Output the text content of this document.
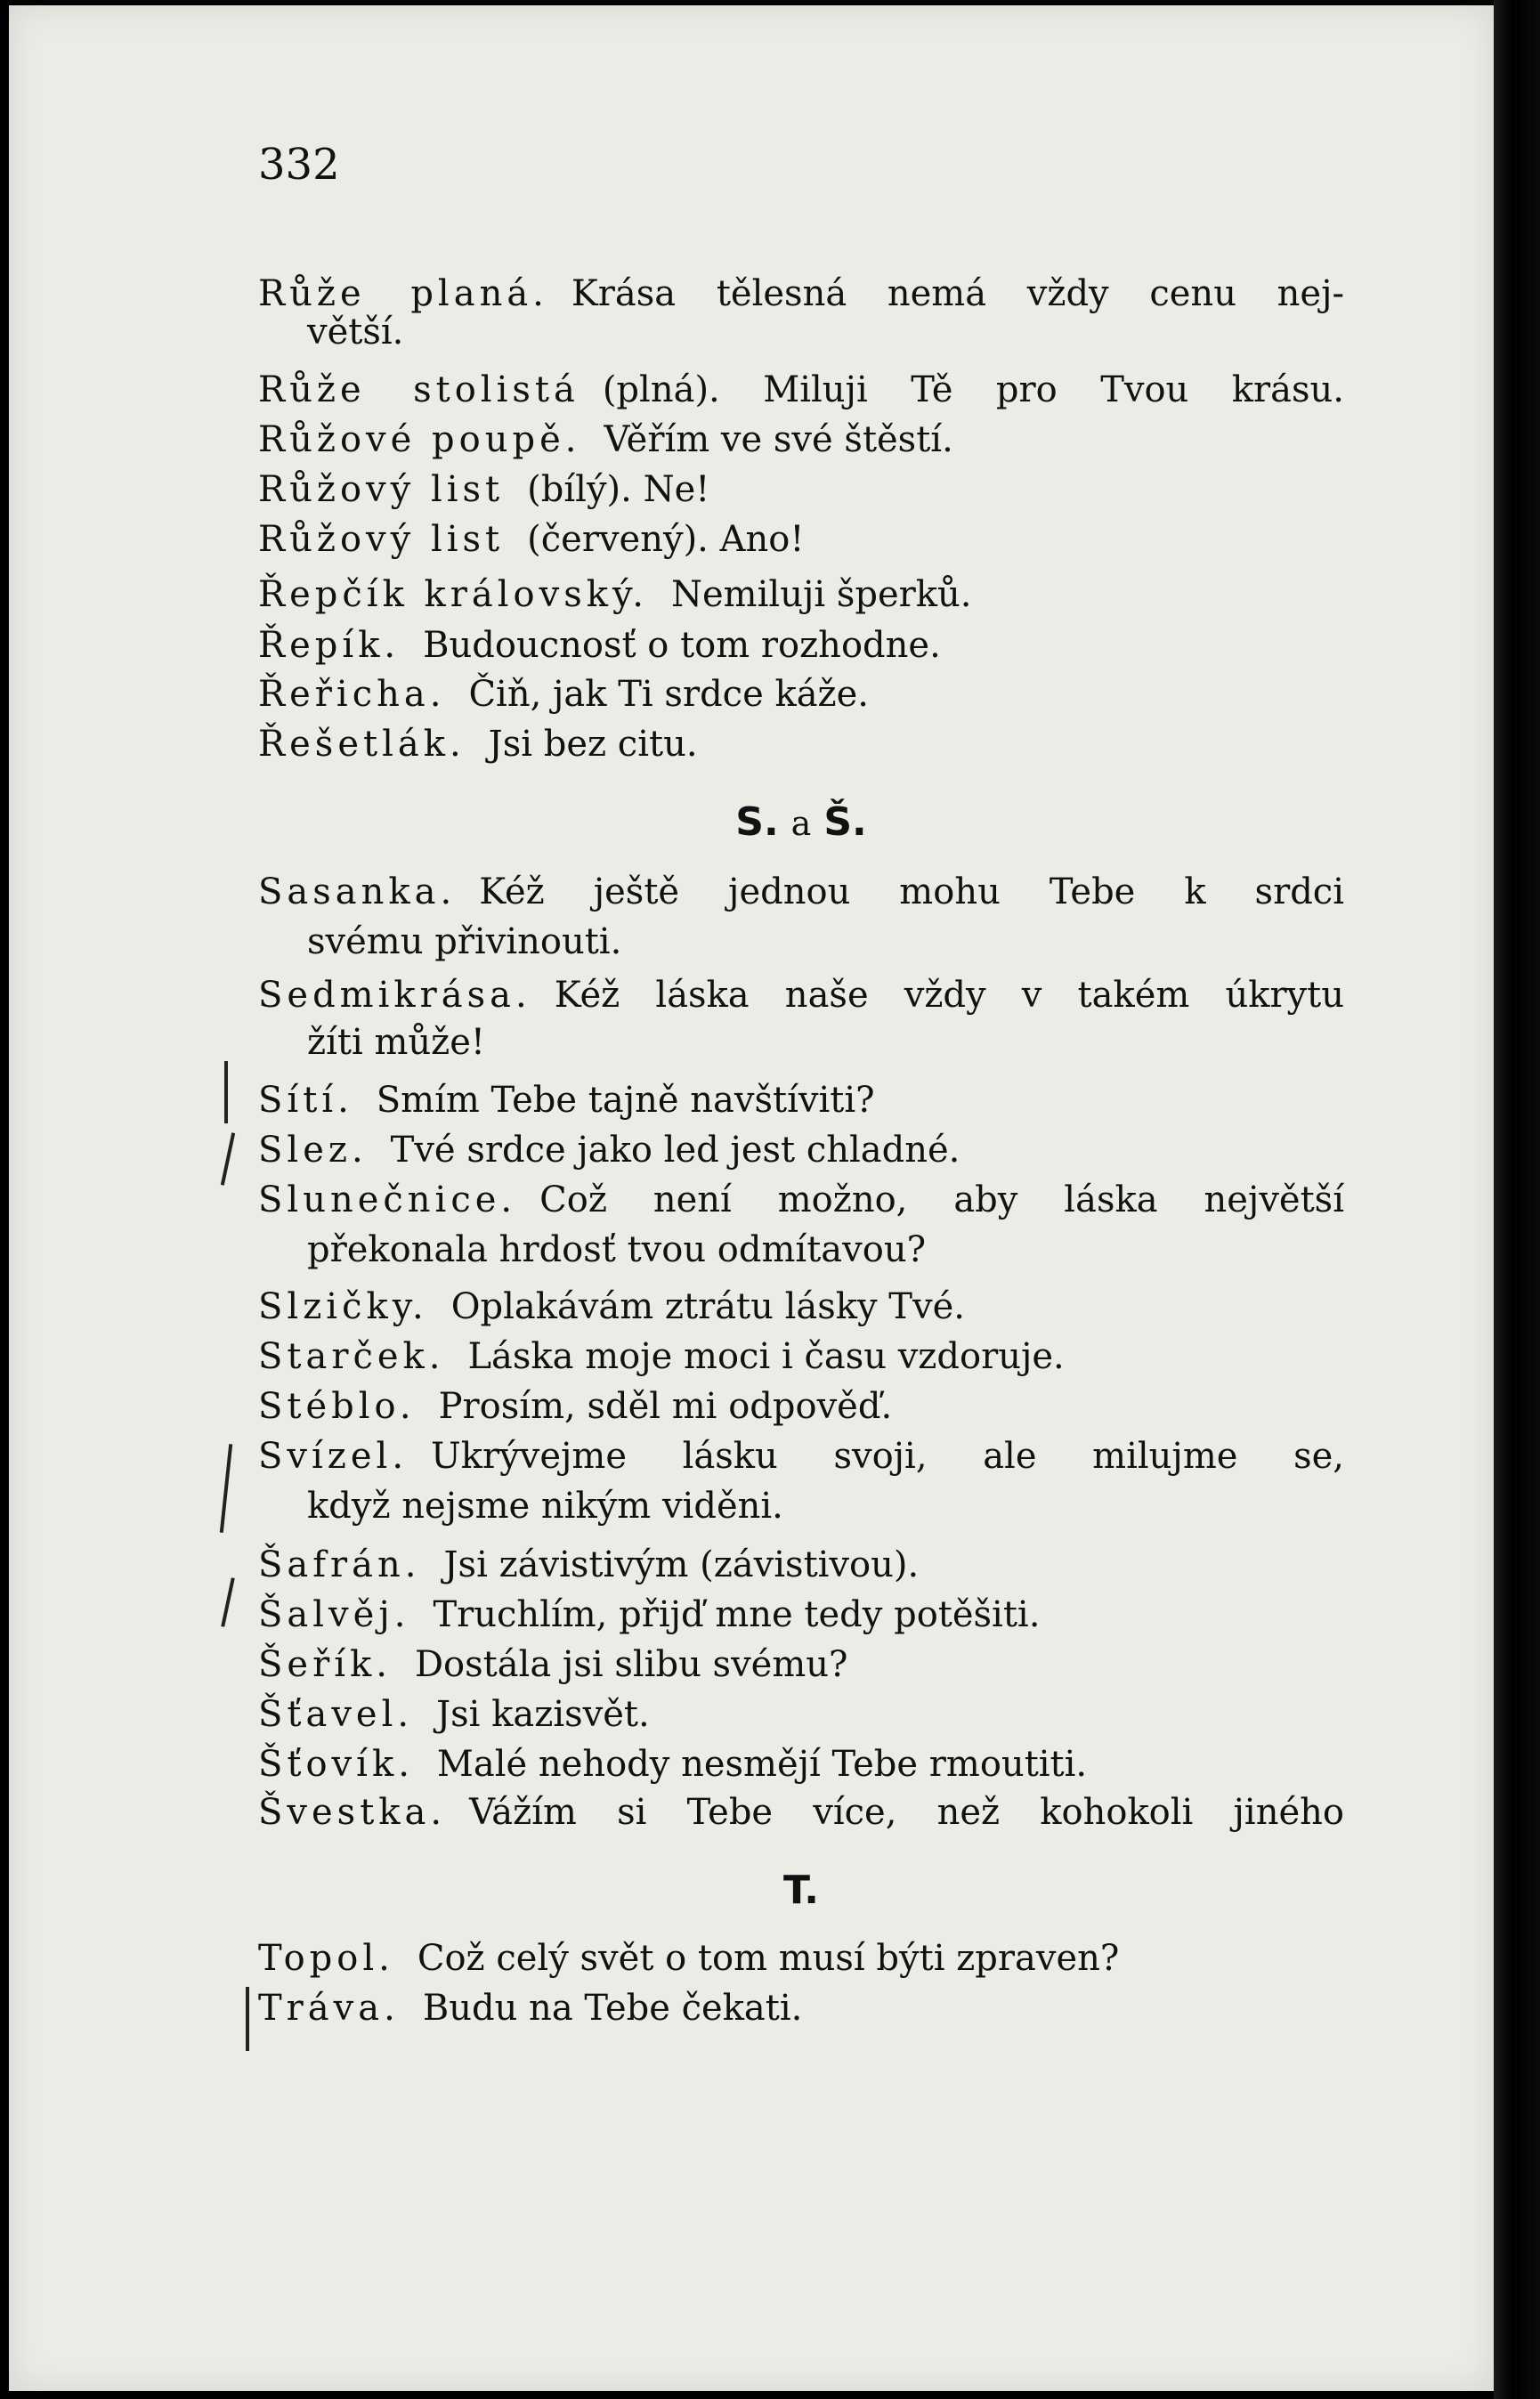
332
Růže planá. Krása tělesná nemá vždy cenu nej-
větší.
Růže stolistá (plná). Miluji Tě pro Tvou krásu.
Růžové poupě. Věřím ve své štěstí.
Růžový list (bílý). Ne!
Růžový list (červený). Ano!
Řepčík královský. Nemiluji šperků.
Řepík. Budoucnosť o tom rozhodne.
Řeřicha. Čiň, jak Ti srdce káže.
Řešetlák. Jsi bez citu.
S. a Š.
Sasanka. Kéž ještě jednou mohu Tebe k srdci
svému přivinouti.
Sedmikrása. Kéž láska naše vždy v takém úkrytu
žíti může!
Sítí. Smím Tebe tajně navštíviti?
Slez. Tvé srdce jako led jest chladné.
Slunečnice. Což není možno, aby láska největší
překonala hrdosť tvou odmítavou?
Slzičky. Oplakávám ztrátu lásky Tvé.
Starček. Láska moje moci i času vzdoruje.
Stéblo. Prosím, sděl mi odpověď.
Svízel. Ukrývejme lásku svoji, ale milujme se,
když nejsme nikým viděni.
Šafrán. Jsi závistivým (závistivou).
Šalvěj. Truchlím, přijď mne tedy potěšiti.
Šeřík. Dostála jsi slibu svému?
Šťavel. Jsi kazisvět.
Šťovík. Malé nehody nesmějí Tebe rmoutiti.
Švestka. Vážím si Tebe více, než kohokoli jiného
T.
Topol. Což celý svět o tom musí býti zpraven?
Tráva. Budu na Tebe čekati.
